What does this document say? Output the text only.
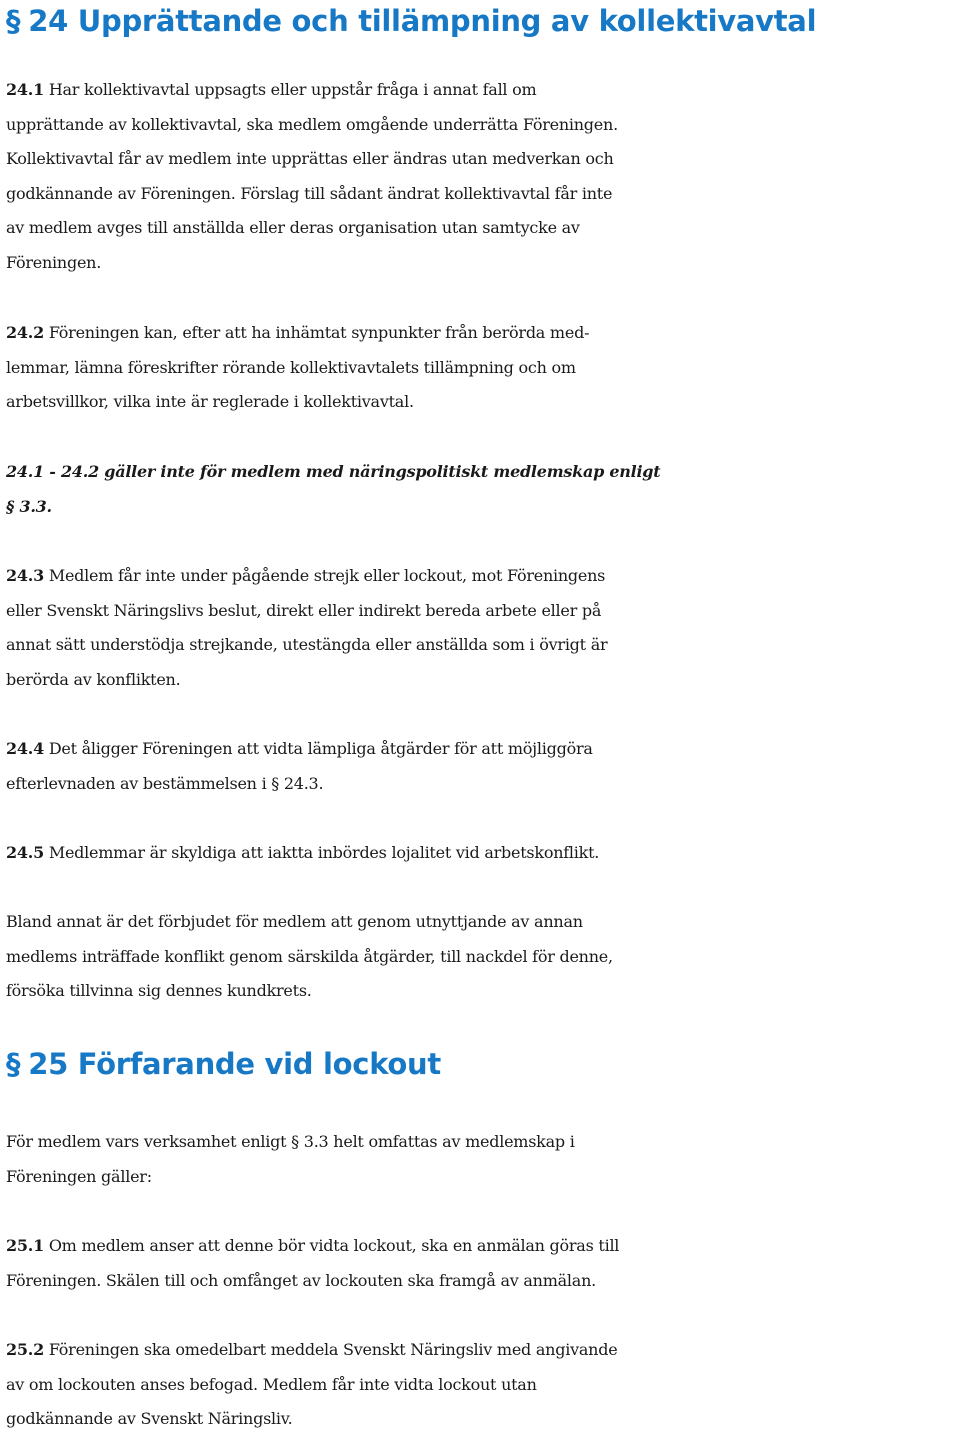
§ 24 Upprättande och tillämpning av kollektivavtal
24.1 Har kollektivavtal uppsagts eller uppstår fråga i annat fall om
upprättande av kollektivavtal, ska medlem omgående underrätta Föreningen.
Kollektivavtal får av medlem inte upprättas eller ändras utan medverkan och
godkännande av Föreningen. Förslag till sådant ändrat kollektivavtal får inte
av medlem avges till anställda eller deras organisation utan samtycke av
Föreningen.
24.2 Föreningen kan, efter att ha inhämtat synpunkter från berörda med-
lemmar, lämna föreskrifter rörande kollektivavtalets tillämpning och om
arbetsvillkor, vilka inte är reglerade i kollektivavtal.
24.1 - 24.2 gäller inte för medlem med näringspolitiskt medlemskap enligt
§ 3.3.
24.3 Medlem får inte under pågående strejk eller lockout, mot Föreningens
eller Svenskt Näringslivs beslut, direkt eller indirekt bereda arbete eller på
annat sätt understödja strejkande, utestängda eller anställda som i övrigt är
berörda av konflikten.
24.4 Det åligger Föreningen att vidta lämpliga åtgärder för att möjliggöra
efterlevnaden av bestämmelsen i § 24.3.
24.5 Medlemmar är skyldiga att iaktta inbördes lojalitet vid arbetskonflikt.
Bland annat är det förbjudet för medlem att genom utnyttjande av annan
medlems inträffade konflikt genom särskilda åtgärder, till nackdel för denne,
försöka tillvinna sig dennes kundkrets.
§ 25 Förfarande vid lockout
För medlem vars verksamhet enligt § 3.3 helt omfattas av medlemskap i
Föreningen gäller:
25.1 Om medlem anser att denne bör vidta lockout, ska en anmälan göras till
Föreningen. Skälen till och omfånget av lockouten ska framgå av anmälan.
25.2 Föreningen ska omedelbart meddela Svenskt Näringsliv med angivande
av om lockouten anses befogad. Medlem får inte vidta lockout utan
godkännande av Svenskt Näringsliv.
